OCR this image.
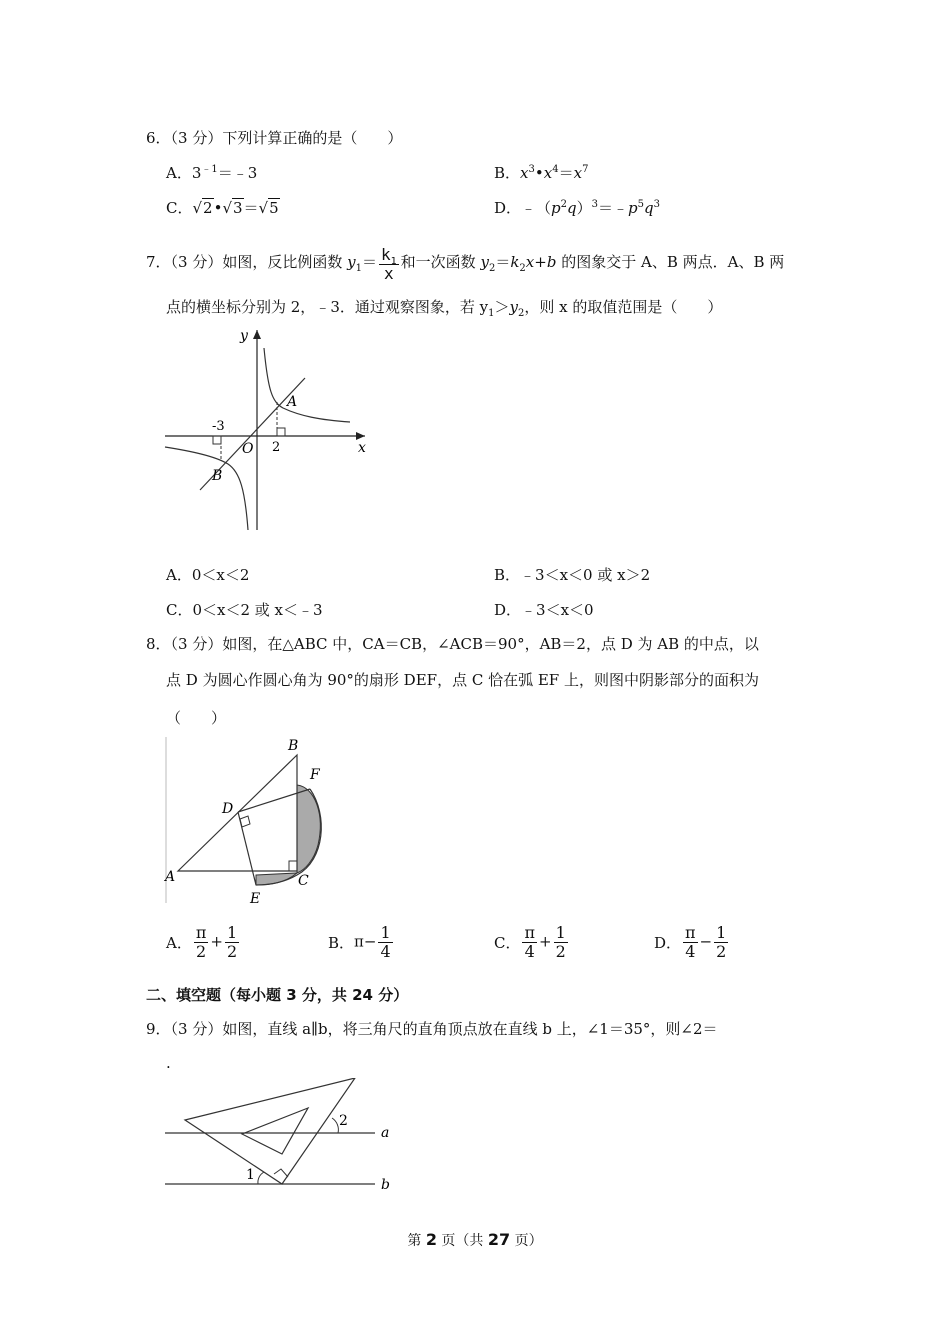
6．（3 分）下列计算正确的是（　　）
A．$3^{﹣1}=﹣3$	B．$x^3•x^4=x^7$
C．√2•√3＝√5	D．$﹣(p^2q)^3=﹣p^5q^3$
7．（3 分）如图，反比例函数 $y_1= \frac{k_1}{x}$ 和一次函数 $y_2=k_2x+b$ 的图象交于 A、B 两点．A、B 两
点的横坐标分别为 2，﹣3．通过观察图象，若 $y_1>y_2$，则 x 的取值范围是（　　）
y
x
O
A
B
-3
2
A．0＜x＜2	B．﹣3＜x＜0 或 x＞2
C．0＜x＜2 或 x＜﹣3	D．﹣3＜x＜0
8．（3 分）如图，在△ABC 中，CA＝CB，∠ACB＝90°，AB＝2，点 D 为 AB 的中点，以
点 D 为圆心作圆心角为 90°的扇形 DEF，点 C 恰在弧 EF 上，则图中阴影部分的面积为
（　　）
B
F
D
A	C
E
A． $\frac{\pi}{2} + \frac{1}{2}$	B．$\pi- \frac{1}{4}$	C． $\frac{\pi}{4} + \frac{1}{2}$	D． $\frac{\pi}{4} - \frac{1}{2}$
二、填空题（每小题 3 分，共 24 分）
9．（3 分）如图，直线 a∥b，将三角尺的直角顶点放在直线 b 上，∠1＝35°，则∠2＝
.
1
2
a
b
第 2 页（共 27 页）
